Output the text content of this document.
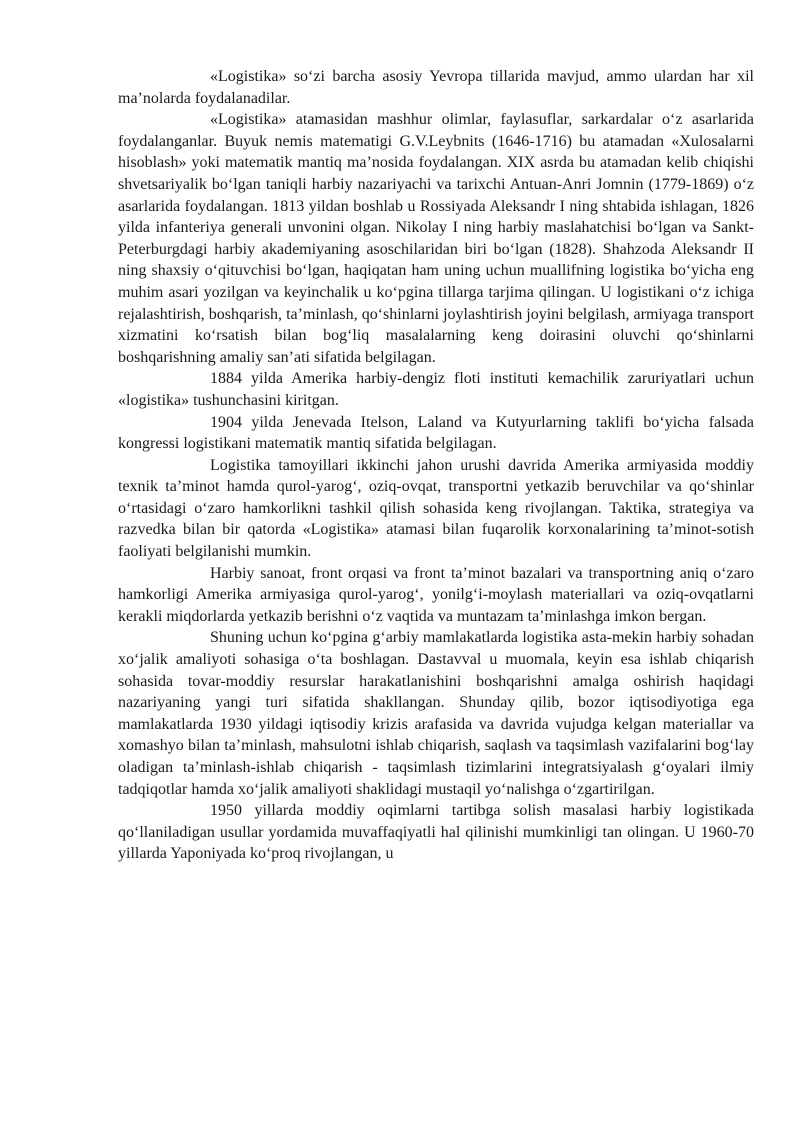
«Logistika» so‘zi barcha asosiy Yevropa tillarida mavjud, ammo ulardan har xil ma’nolarda foydalanadilar.

«Logistika» atamasidan mashhur olimlar, faylasuflar, sarkardalar o‘z asarlarida foydalanganlar. Buyuk nemis matematigi G.V.Leybnits (1646-1716) bu atamadan «Xulosalarni hisoblash» yoki matematik mantiq ma’nosida foydalangan. XIX asrda bu atamadan kelib chiqishi shvetsariyalik bo‘lgan taniqli harbiy nazariyachi va tarixchi Antuan-Anri Jomnin (1779-1869) o‘z asarlarida foydalangan. 1813 yildan boshlab u Rossiyada Aleksandr I ning shtabida ishlagan, 1826 yilda infanteriya generali unvonini olgan. Nikolay I ning harbiy maslahatchisi bo‘lgan va Sankt-Peterburgdagi harbiy akademiyaning asoschilaridan biri bo‘lgan (1828). Shahzoda Aleksandr II ning shaxsiy o‘qituvchisi bo‘lgan, haqiqatan ham uning uchun muallifning logistika bo‘yicha eng muhim asari yozilgan va keyinchalik u ko‘pgina tillarga tarjima qilingan. U logistikani o‘z ichiga rejalashtirish, boshqarish, ta’minlash, qo‘shinlarni joylashtirish joyini belgilash, armiyaga transport xizmatini ko‘rsatish bilan bog‘liq masalalarning keng doirasini oluvchi qo‘shinlarni boshqarishning amaliy san’ati sifatida belgilagan.

1884 yilda Amerika harbiy-dengiz floti instituti kemachilik zaruriyatlari uchun «logistika» tushunchasini kiritgan.

1904 yilda Jenevada Itelson, Laland va Kutyurlarning taklifi bo‘yicha falsada kongressi logistikani matematik mantiq sifatida belgilagan.

Logistika tamoyillari ikkinchi jahon urushi davrida Amerika armiyasida moddiy texnik ta’minot hamda qurol-yarog‘, oziq-ovqat, transportni yetkazib beruvchilar va qo‘shinlar o‘rtasidagi o‘zaro hamkorlikni tashkil qilish sohasida keng rivojlangan. Taktika, strategiya va razvedka bilan bir qatorda «Logistika» atamasi bilan fuqarolik korxonalarining ta’minot-sotish faoliyati belgilanishi mumkin.

Harbiy sanoat, front orqasi va front ta’minot bazalari va transportning aniq o‘zaro hamkorligi Amerika armiyasiga qurol-yarog‘, yonilg‘i-moylash materiallari va oziq-ovqatlarni kerakli miqdorlarda yetkazib berishni o‘z vaqtida va muntazam ta’minlashga imkon bergan.

Shuning uchun ko‘pgina g‘arbiy mamlakatlarda logistika asta-mekin harbiy sohadan xo‘jalik amaliyoti sohasiga o‘ta boshlagan. Dastavval u muomala, keyin esa ishlab chiqarish sohasida tovar-moddiy resurslar harakatlanishini boshqarishni amalga oshirish haqidagi nazariyaning yangi turi sifatida shakllangan. Shunday qilib, bozor iqtisodiyotiga ega mamlakatlarda 1930 yildagi iqtisodiy krizis arafasida va davrida vujudga kelgan materiallar va xomashyo bilan ta’minlash, mahsulotni ishlab chiqarish, saqlash va taqsimlash vazifalarini bog‘lay oladigan ta’minlash-ishlab chiqarish - taqsimlash tizimlarini integratsiyalash g‘oyalari ilmiy tadqiqotlar hamda xo‘jalik amaliyoti shaklidagi mustaqil yo‘nalishga o‘zgartirilgan.

1950 yillarda moddiy oqimlarni tartibga solish masalasi harbiy logistikada qo‘llaniladigan usullar yordamida muvaffaqiyatli hal qilinishi mumkinligi tan olingan. U 1960-70 yillarda Yaponiyada ko‘proq rivojlangan, u
